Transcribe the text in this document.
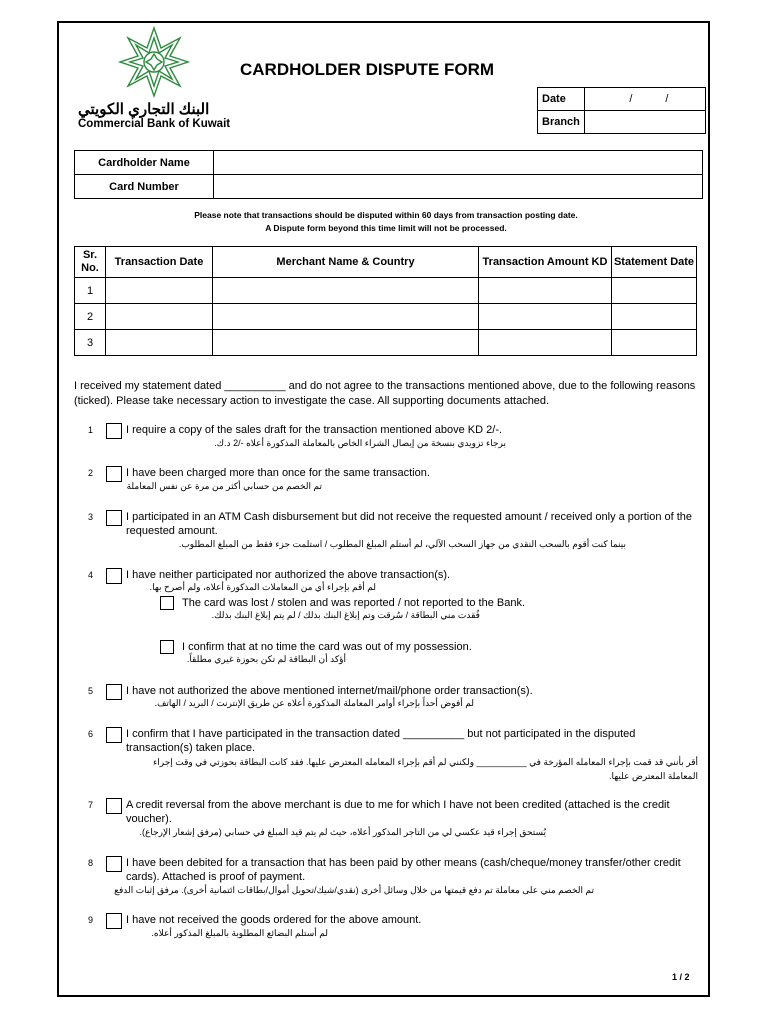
البنك التجاري الكويتي
Commercial Bank of Kuwait
CARDHOLDER DISPUTE FORM
Date	/ /
Branch	
Cardholder Name	
Card Number	
Please note that transactions should be disputed within 60 days from transaction posting date.
A Dispute form beyond this time limit will not be processed.
Sr. No.	Transaction Date	Merchant Name & Country	Transaction Amount KD	Statement Date
1				
2				
3				
I received my statement dated __________ and do not agree to the transactions mentioned above, due to the following reasons (ticked). Please take necessary action to investigate the case. All supporting documents attached.
1	I require a copy of the sales draft for the transaction mentioned above KD 2/-.
برجاء تزويدي بنسخة من إيصال الشراء الخاص بالمعاملة المذكورة أعلاه -/2 د.ك.
2	I have been charged more than once for the same transaction.
تم الخصم من حسابي أكثر من مرة عن نفس المعاملة
3	I participated in an ATM Cash disbursement but did not receive the requested amount / received only a portion of the requested amount.
بينما كنت أقوم بالسحب النقدي من جهاز السحب الآلي، لم أستلم المبلغ المطلوب / استلمت جزء فقط من المبلغ المطلوب.
4	I have neither participated nor authorized the above transaction(s).
لم أقم بإجراء أي من المعاملات المذكورة أعلاه، ولم أصرح بها.
The card was lost / stolen and was reported / not reported to the Bank.
فُقدت مني البطاقة / سُرقت وتم إبلاغ البنك بذلك / لم يتم إبلاغ البنك بذلك.
I confirm that at no time the card was out of my possession.
أؤكد أن البطاقة لم تكن بحوزة غيري مطلقاً.
5	I have not authorized the above mentioned internet/mail/phone order transaction(s).
لم أفوض أحداً بإجراء أوامر المعاملة المذكورة أعلاه عن طريق الإنترنت / البريد / الهاتف.
6	I confirm that I have participated in the transaction dated __________ but not participated in the disputed transaction(s) taken place.
أقر بأنني قد قمت بإجراء المعامله المؤرخة في __________ ولكنني لم أقم بإجراء المعامله المعترض عليها. فقد كانت البطاقة بحوزتي في وقت إجراء
المعاملة المعترض عليها.
7	A credit reversal from the above merchant is due to me for which I have not been credited (attached is the credit voucher).
يُستحق إجراء قيد عكسي لي من التاجر المذكور أعلاه، حيث لم يتم قيد المبلغ في حسابي (مرفق إشعار الإرجاع).
8	I have been debited for a transaction that has been paid by other means (cash/cheque/money transfer/other credit cards). Attached is proof of payment.
تم الخصم مني على معاملة تم دفع قيمتها من خلال وسائل أخرى (نقدي/شيك/تحويل أموال/بطاقات ائتمانية أخرى). مرفق إثبات الدفع
9	I have not received the goods ordered for the above amount.
لم أستلم البضائع المطلوبة بالمبلغ المذكور أعلاه.
1 / 2
